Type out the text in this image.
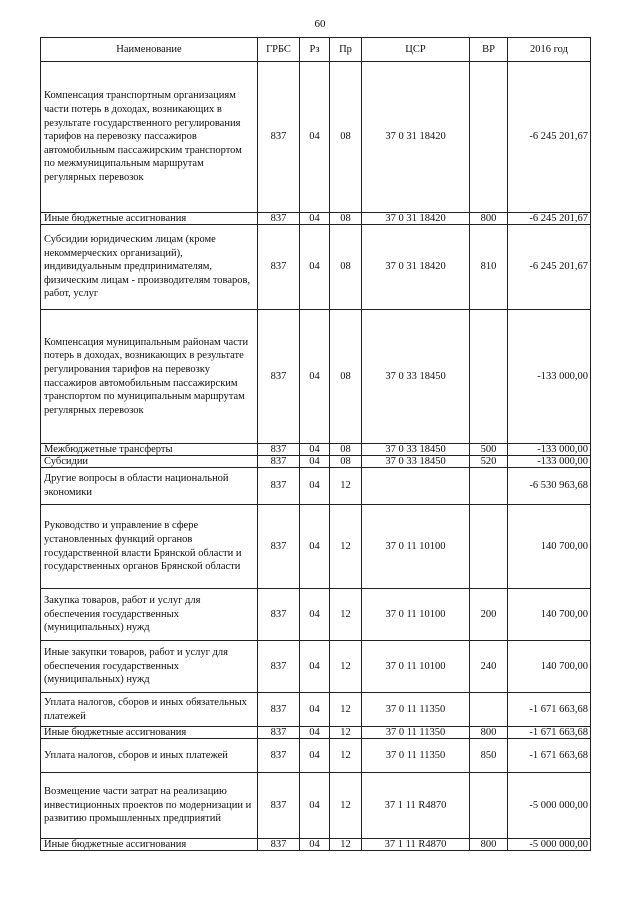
60
Наименование	ГРБС	Рз	Пр	ЦСР	ВР	2016 год
Компенсация транспортным организациям части потерь в доходах, возникающих в результате государственного регулирования тарифов на перевозку пассажиров автомобильным пассажирским транспортом по межмуниципальным маршрутам регулярных перевозок	837	04	08	37 0 31 18420		-6 245 201,67
Иные бюджетные ассигнования	837	04	08	37 0 31 18420	800	-6 245 201,67
Субсидии юридическим лицам (кроме некоммерческих организаций), индивидуальным предпринимателям, физическим лицам - производителям товаров, работ, услуг	837	04	08	37 0 31 18420	810	-6 245 201,67
Компенсация муниципальным районам части потерь в доходах, возникающих в результате регулирования тарифов на перевозку пассажиров автомобильным пассажирским транспортом по муниципальным маршрутам регулярных перевозок	837	04	08	37 0 33 18450		-133 000,00
Межбюджетные трансферты	837	04	08	37 0 33 18450	500	-133 000,00
Субсидии	837	04	08	37 0 33 18450	520	-133 000,00
Другие вопросы в области национальной экономики	837	04	12			-6 530 963,68
Руководство и управление в сфере установленных функций органов государственной власти Брянской области и государственных органов Брянской области	837	04	12	37 0 11 10100		140 700,00
Закупка товаров, работ и услуг для обеспечения государственных (муниципальных) нужд	837	04	12	37 0 11 10100	200	140 700,00
Иные закупки товаров, работ и услуг для обеспечения государственных (муниципальных) нужд	837	04	12	37 0 11 10100	240	140 700,00
Уплата налогов, сборов и иных обязательных платежей	837	04	12	37 0 11 11350		-1 671 663,68
Иные бюджетные ассигнования	837	04	12	37 0 11 11350	800	-1 671 663,68
Уплата налогов, сборов и иных платежей	837	04	12	37 0 11 11350	850	-1 671 663,68
Возмещение части затрат на реализацию инвестиционных проектов по модернизации и развитию промышленных предприятий	837	04	12	37 1 11 R4870		-5 000 000,00
Иные бюджетные ассигнования	837	04	12	37 1 11 R4870	800	-5 000 000,00
